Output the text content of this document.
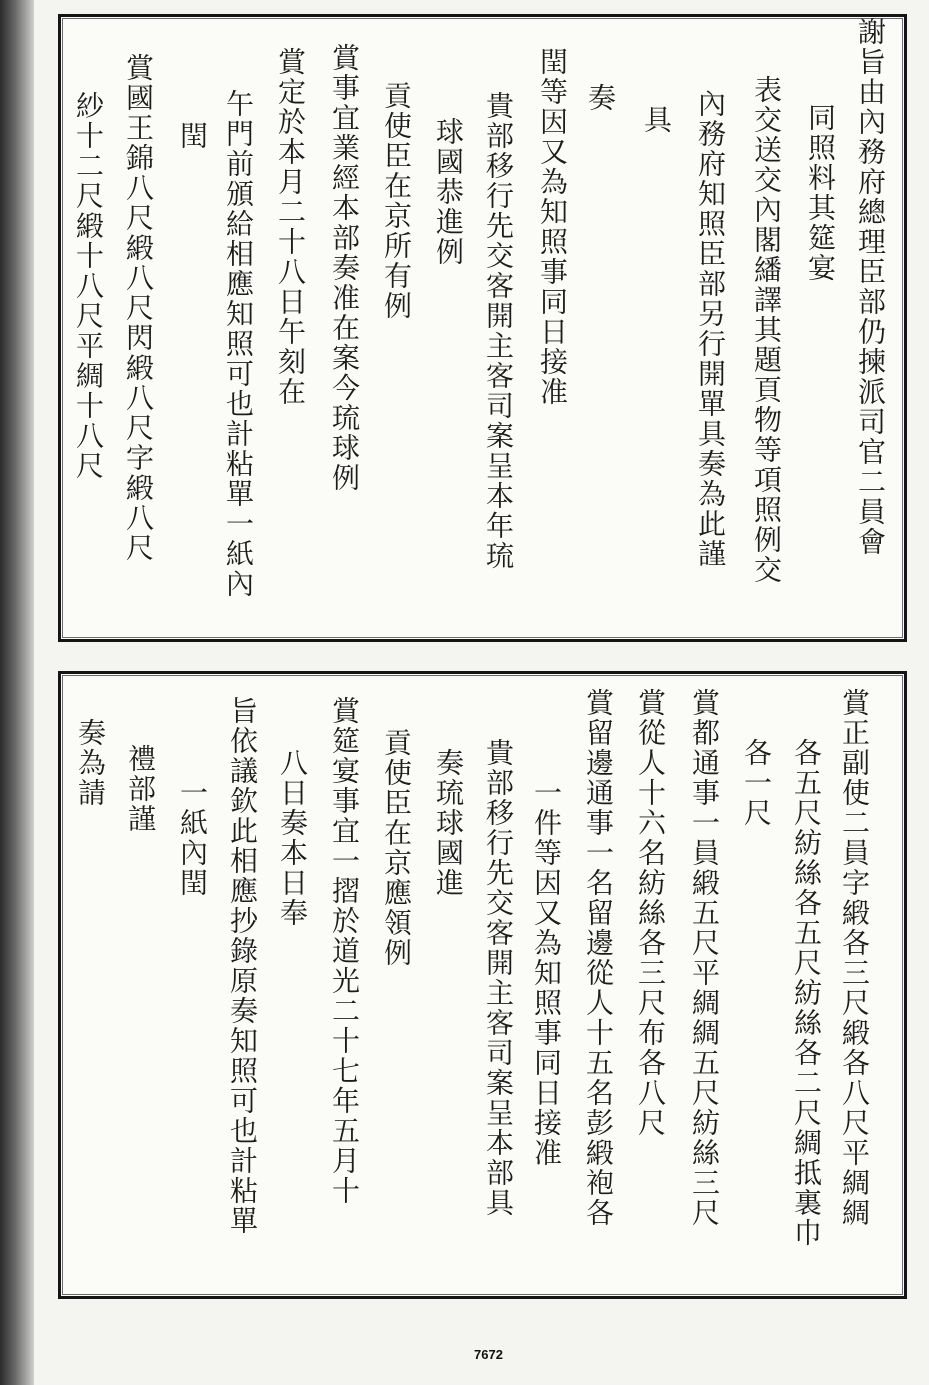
謝旨由內務府總理臣部仍揀派司官二員會
同照料其筵宴
表交送交內閣繙譯其題頁物等項照例交
內務府知照臣部另行開單具奏為此謹
具
奏
閏等因又為知照事同日接准
貴部移行先交客開主客司案呈本年琉
球國恭進例
貢使臣在京所有例
賞事宜業經本部奏准在案今琉球例
賞定於本月二十八日午刻在
午門前頒給相應知照可也計粘單一紙內
閏
賞國王錦八尺緞八尺閃緞八尺字緞八尺
紗十二尺緞十八尺平綢十八尺
賞正副使二員字緞各三尺緞各八尺平綢綢
各五尺紡絲各五尺紡絲各二尺綢抵裏巾
各一尺
賞都通事一員緞五尺平綢綢五尺紡絲三尺
賞從人十六名紡絲各三尺布各八尺
賞留邊通事一名留邊從人十五名彭緞袍各
一件等因又為知照事同日接准
貴部移行先交客開主客司案呈本部具
奏琉球國進
貢使臣在京應領例
賞筵宴事宜一摺於道光二十七年五月十
八日奏本日奉
旨依議欽此相應抄錄原奏知照可也計粘單
一紙內閏
禮部謹
奏為請
7672
